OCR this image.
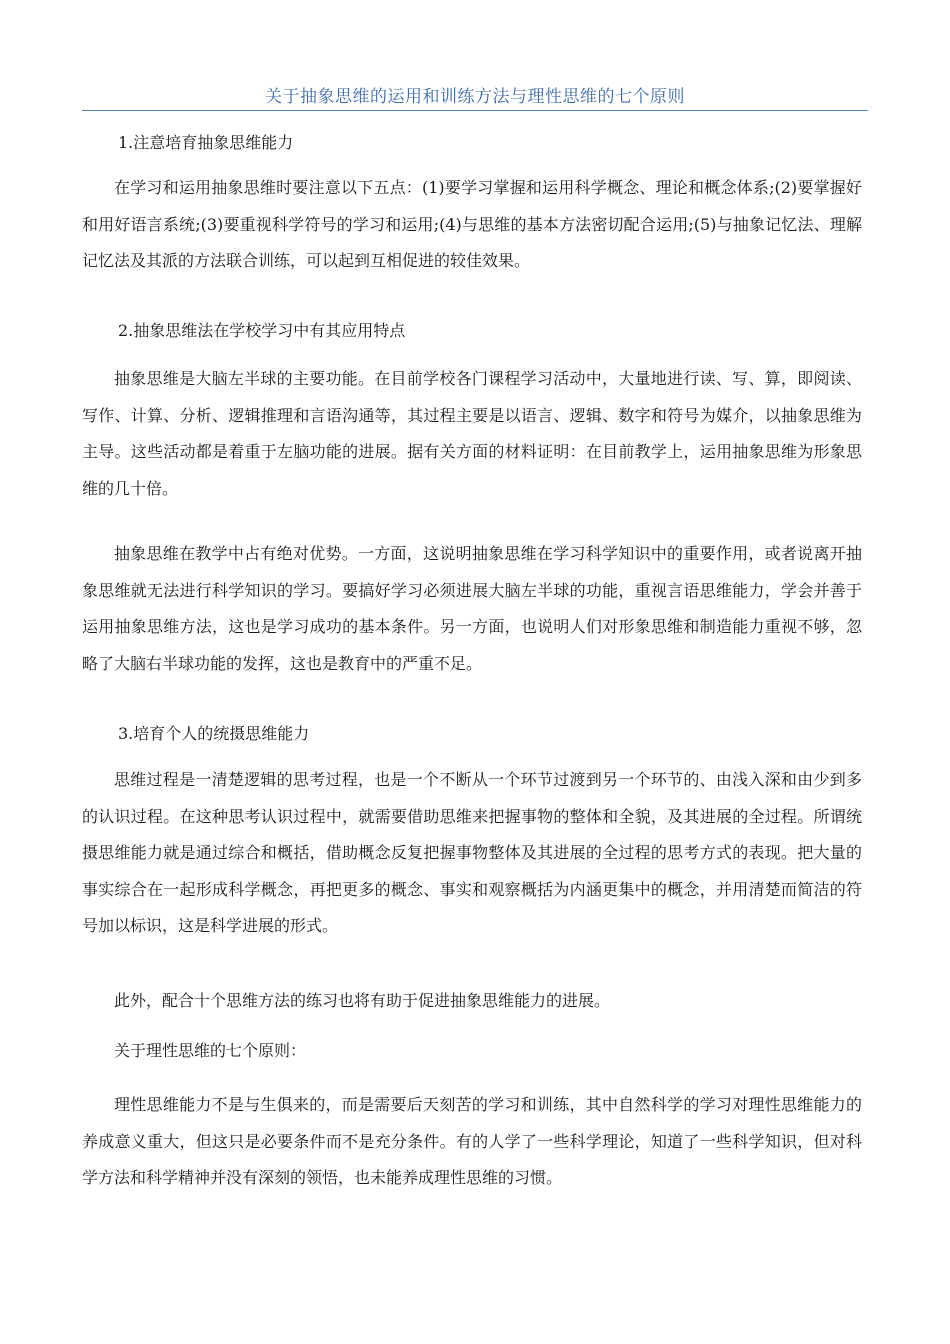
关于抽象思维的运用和训练方法与理性思维的七个原则
1.注意培育抽象思维能力

在学习和运用抽象思维时要注意以下五点：(1)要学习掌握和运用科学概念、理论和概念体系;(2)要掌握好和用好语言系统;(3)要重视科学符号的学习和运用;(4)与思维的基本方法密切配合运用;(5)与抽象记忆法、理解记忆法及其派的方法联合训练，可以起到互相促进的较佳效果。

2.抽象思维法在学校学习中有其应用特点

抽象思维是大脑左半球的主要功能。在目前学校各门课程学习活动中，大量地进行读、写、算，即阅读、写作、计算、分析、逻辑推理和言语沟通等，其过程主要是以语言、逻辑、数字和符号为媒介，以抽象思维为主导。这些活动都是着重于左脑功能的进展。据有关方面的材料证明：在目前教学上，运用抽象思维为形象思维的几十倍。

抽象思维在教学中占有绝对优势。一方面，这说明抽象思维在学习科学知识中的重要作用，或者说离开抽象思维就无法进行科学知识的学习。要搞好学习必须进展大脑左半球的功能，重视言语思维能力，学会并善于运用抽象思维方法，这也是学习成功的基本条件。另一方面，也说明人们对形象思维和制造能力重视不够，忽略了大脑右半球功能的发挥，这也是教育中的严重不足。

3.培育个人的统摄思维能力

思维过程是一清楚逻辑的思考过程，也是一个不断从一个环节过渡到另一个环节的、由浅入深和由少到多的认识过程。在这种思考认识过程中，就需要借助思维来把握事物的整体和全貌，及其进展的全过程。所谓统摄思维能力就是通过综合和概括，借助概念反复把握事物整体及其进展的全过程的思考方式的表现。把大量的事实综合在一起形成科学概念，再把更多的概念、事实和观察概括为内涵更集中的概念，并用清楚而简洁的符号加以标识，这是科学进展的形式。

此外，配合十个思维方法的练习也将有助于促进抽象思维能力的进展。

关于理性思维的七个原则：

理性思维能力不是与生俱来的，而是需要后天刻苦的学习和训练，其中自然科学的学习对理性思维能力的养成意义重大，但这只是必要条件而不是充分条件。有的人学了一些科学理论，知道了一些科学知识，但对科学方法和科学精神并没有深刻的领悟，也未能养成理性思维的习惯。
